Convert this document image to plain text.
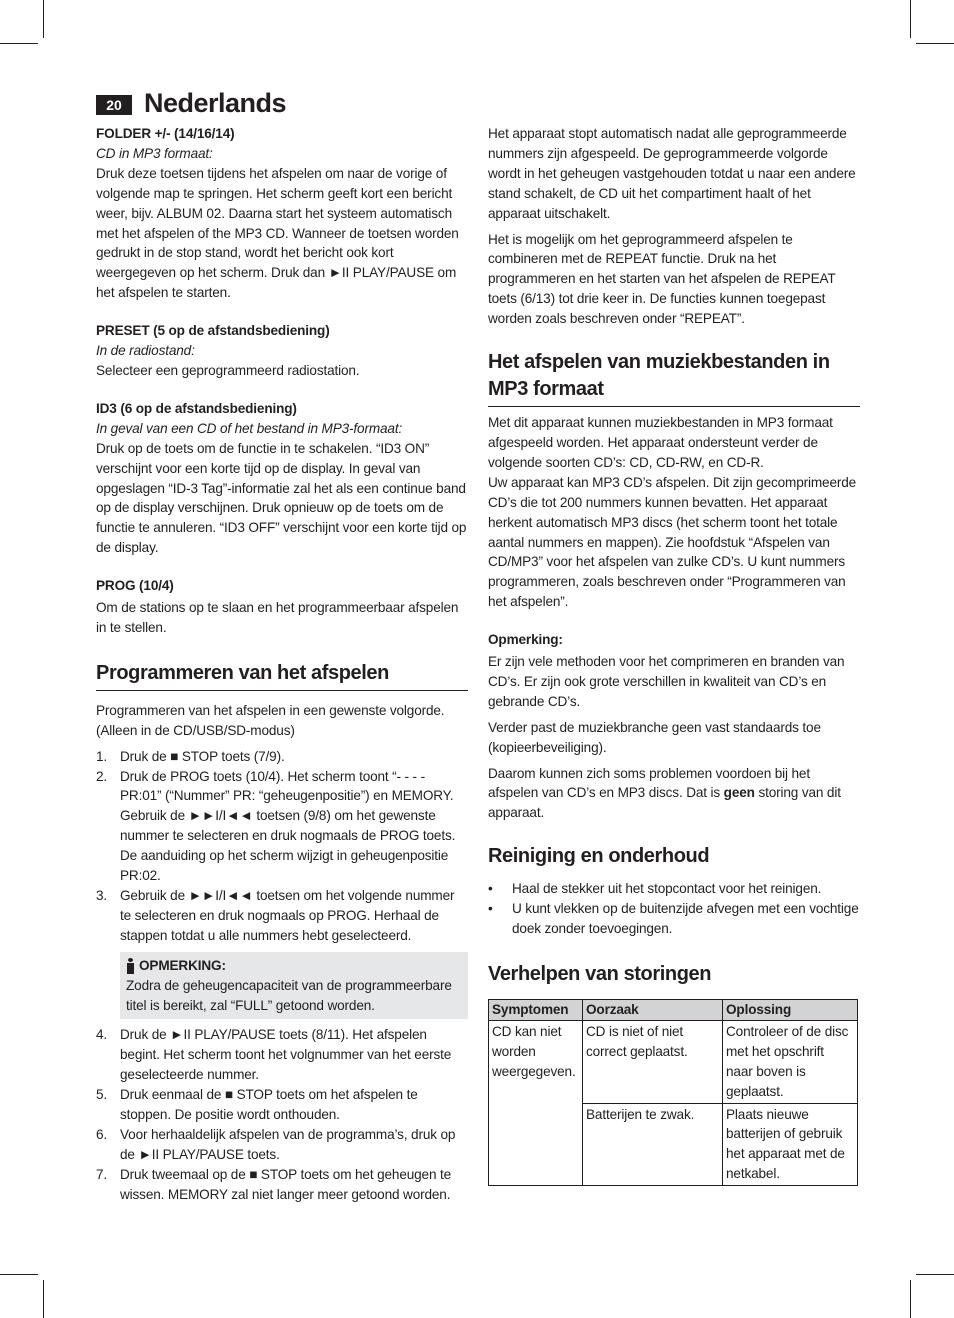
20 Nederlands

FOLDER +/- (14/16/14)

CD in MP3 formaat:

Druk deze toetsen tijdens het afspelen om naar de vorige of volgende map te springen. Het scherm geeft kort een bericht weer, bijv. ALBUM 02. Daarna start het systeem automatisch met het afspelen of the MP3 CD. Wanneer de toetsen worden gedrukt in de stop stand, wordt het bericht ook kort weergegeven op het scherm. Druk dan ►II PLAY/PAUSE om het afspelen te starten.

PRESET (5 op de afstandsbediening)

In de radiostand:

Selecteer een geprogrammeerd radiostation.

ID3 (6 op de afstandsbediening)

In geval van een CD of het bestand in MP3-formaat:

Druk op de toets om de functie in te schakelen. “ID3 ON” verschijnt voor een korte tijd op de display. In geval van opgeslagen “ID-3 Tag”-informatie zal het als een continue band op de display verschijnen. Druk opnieuw op de toets om de functie te annuleren. “ID3 OFF” verschijnt voor een korte tijd op de display.

PROG (10/4)

Om de stations op te slaan en het programmeerbaar afspelen in te stellen.

Programmeren van het afspelen

Programmeren van het afspelen in een gewenste volgorde. (Alleen in de CD/USB/SD-modus)

1. Druk de ■ STOP toets (7/9).
2. Druk de PROG toets (10/4). Het scherm toont “- - - - PR:01” (“Nummer” PR: “geheugenpositie”) en MEMORY. Gebruik de ►►I/I◄◄ toetsen (9/8) om het gewenste nummer te selecteren en druk nogmaals de PROG toets. De aanduiding op het scherm wijzigt in geheugenpositie PR:02.
3. Gebruik de ►►I/I◄◄ toetsen om het volgende nummer te selecteren en druk nogmaals op PROG. Herhaal de stappen totdat u alle nummers hebt geselecteerd.
OPMERKING:

Zodra de geheugencapaciteit van de programmeerbare titel is bereikt, zal “FULL” getoond worden.

4. Druk de ►II PLAY/PAUSE toets (8/11). Het afspelen begint. Het scherm toont het volgnummer van het eerste geselecteerde nummer.
5. Druk eenmaal de ■ STOP toets om het afspelen te stoppen. De positie wordt onthouden.
6. Voor herhaaldelijk afspelen van de programma’s, druk op de ►II PLAY/PAUSE toets.
7. Druk tweemaal op de ■ STOP toets om het geheugen te wissen. MEMORY zal niet langer meer getoond worden.

Het apparaat stopt automatisch nadat alle geprogrammeerde nummers zijn afgespeeld. De geprogrammeerde volgorde wordt in het geheugen vastgehouden totdat u naar een andere stand schakelt, de CD uit het compartiment haalt of het apparaat uitschakelt.

Het is mogelijk om het geprogrammeerd afspelen te combineren met de REPEAT functie. Druk na het programmeren en het starten van het afspelen de REPEAT toets (6/13) tot drie keer in. De functies kunnen toegepast worden zoals beschreven onder “REPEAT”.

Het afspelen van muziekbestanden in MP3 formaat

Met dit apparaat kunnen muziekbestanden in MP3 formaat afgespeeld worden. Het apparaat ondersteunt verder de volgende soorten CD’s: CD, CD-RW, en CD-R.

Uw apparaat kan MP3 CD’s afspelen. Dit zijn gecomprimeerde CD’s die tot 200 nummers kunnen bevatten. Het apparaat herkent automatisch MP3 discs (het scherm toont het totale aantal nummers en mappen). Zie hoofdstuk “Afspelen van CD/MP3” voor het afspelen van zulke CD’s. U kunt nummers programmeren, zoals beschreven onder “Programmeren van het afspelen”.

Opmerking:

Er zijn vele methoden voor het comprimeren en branden van CD’s. Er zijn ook grote verschillen in kwaliteit van CD’s en gebrande CD’s.

Verder past de muziekbranche geen vast standaards toe (kopieerbeveiliging).

Daarom kunnen zich soms problemen voordoen bij het afspelen van CD’s en MP3 discs. Dat is geen storing van dit apparaat.

Reiniging en onderhoud
• Haal de stekker uit het stopcontact voor het reinigen.
• U kunt vlekken op de buitenzijde afvegen met een vochtige doek zonder toevoegingen.
Verhelpen van storingen
Symptomen	Oorzaak	Oplossing
CD kan niet worden weergegeven.	CD is niet of niet correct geplaatst.	Controleer of de disc met het opschrift naar boven is geplaatst.
	Batterijen te zwak.	Plaats nieuwe batterijen of gebruik het apparaat met de netkabel.
